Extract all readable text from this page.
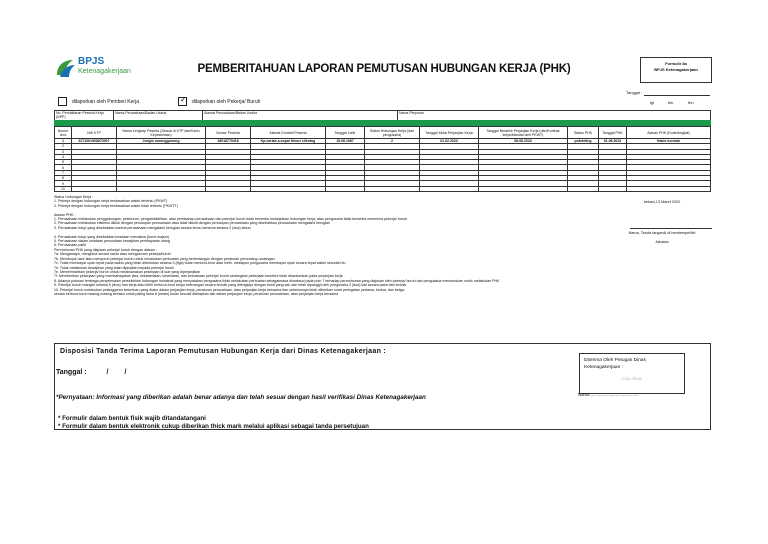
BPJS
Ketenagakerjaan	PEMBERITAHUAN LAPORAN PEMUTUSAN HUBUNGAN KERJA (PHK)	Formulir 8a
BPJS Ketenagakerjaan
Tanggal :
tgl	bln	thn
dilaporkan oleh Pemberi Kerja	✓ dilaporkan oleh Pekerja/ Buruh
No. Pendaftaran Peserta Kerja (NPP)	Nama Perusahaan/Badan Usaha	Alamat Perusahaan/Badan Usaha	Nama Pimpinan
Nomor Urut	NIK KTP	Nama Lengkap Peserta (Sesuai di KTP dan/Kartu Kepesertaan)	Nomor Peserta	Alamat Domisili Peserta	Tanggal Lahir	Status Hubungan Kerja (dari pengusaha)	Tanggal Mulai Perjanjian Kerja	Tanggal Berakhir Perjanjian Kerja (dan/Kontrak kerja/ditandai oleh PKWT)	Status PHK	Tanggal PHK	Alasan PHK (Kode/singkat)
1	3271061508870007	Joeglo nuranggunong	18018779416	Kp.cariab a.sopar ttimur cilentng	15.08.1987	2	01.02.2023	08.08.2023	pokrteting	01.08.2023	Habis kontrak
2											
3											
4											
5											
6											
7											
8											
9											
10											
Status Hubungan Kerja :
1. Pekerja dengan hubungan kerja berdasarkan waktu tertentu (PKWT)
2. Pekerja dengan hubungan kerja berdasarkan waktu tidak tertentu (PKWTT)

Alasan PHK :
1. Perusahaan melakukan penggabungan, peleburan, pengambilalihan, atau pemisahan perusahaan dan pekerja/ buruh tidak bersedia melanjutkan hubungan kerja; atau pengusaha tidak bersedia menerima pekerja/ buruh
2. Perusahaan melakukan efisiensi diikuti dengan penutupan perusahaan atau tidak diikuti dengan penutupan perusahaan yang disebabkan perusahaan mengalami kerugian
3. Perusahaan tutup yang disebabkan karena perusahaan mengalami kerugian secara terus menerus selama 2 (dua) tahun

4. Perusahaan tutup yang disebabkan keadaan memaksa (force majeur)
5. Perusahaan dalam keadaan penundaan kewajiban pembayaran utang
6. Perusahaan pailit
Permohonan PHK yang diajukan pekerja/ buruh dengan alasan :
7a. Menganiaya, menghina secara kasar atau mengancam pekerja/buruh
7b. Membujuk dan/ atau menyuruh pekerja/ buruh untuk melakukan perbuatan yang bertentangan dengan peraturan perundang-undangan
7c. Tidak membayar upah tepat pada waktu yang telah ditentukan selama 3 (tiga) bulan berturut-turut atau lebih, meskipun pengusaha membayar upah secara tepat waktu sesudah itu
7d. Tidak melakukan kewajiban yang telah dijanjikan kepada pekerja/ buruh
7e. Memerintahkan pekerja/ buruh untuk melaksanakan pekerjaan di luar yang diperjanjikan
7f. Memberikan pekerjaan yang membahayakan jiwa, keselamatan, kesehatan, dan kesusilaan pekerja/ buruh sedangkan pekerjaan tersebut tidak dicantumkan pada perjanjian kerja
8. Adanya putusan lembaga penyelesaian perselisihan hubungan industrial yang menyatakan pengusaha tidak melakukan perbuatan sebagaimana dimaksud pada poin 7 terhadap permohonan yang diajukan oleh pekerja/ buruh dan pengusaha memutuskan untuk melakukan PHK
9. Pekerja/ buruh mangkir selama 5 (lima) hari kerja atau lebih berturut-turut tanpa keterangan secara tertulis yang dilengkapi dengan bukti yang sah dan telah dipanggil oleh pengusaha 2 (dua) kali secara patut dan tertulis
10. Pekerja/ buruh melakukan pelanggaran ketentuan yang diatur dalam perjanjian kerja, peraturan perusahaan, atau perjanjian kerja bersama dan sebelumnya telah diberikan surat peringatan pertama, kedua, dan ketiga
secara berturut-turut masing-masing berlaku untuk paling lama 6 (enam) bulan kecuali ditetapkan lain dalam perjanjian kerja, peraturan perusahaan, atau perjanjian kerja bersama
bekasi,13 Maret 2022
Nama, Tanda tangan& di berstempel/ttd
Jabatan
Disposisi Tanda Terima Laporan Pemutusan Hubungan Kerja dari Dinas Ketenagakerjaan :
Tanggal :	/ /
*Pernyataan: Informasi yang diberikan adalah benar adanya dan telah sesuai dengan hasil verifikasi Dinas Ketenagakerjaan
Diterima Oleh Petugas Dinas Ketenagakerjaan :
Cap dinas
Nama :.......................................
* Formulir dalam bentuk fisik wajib ditandatangani
* Formulir dalam bentuk elektronik cukup diberikan thick mark melalui aplikasi sebagai tanda persetujuan
